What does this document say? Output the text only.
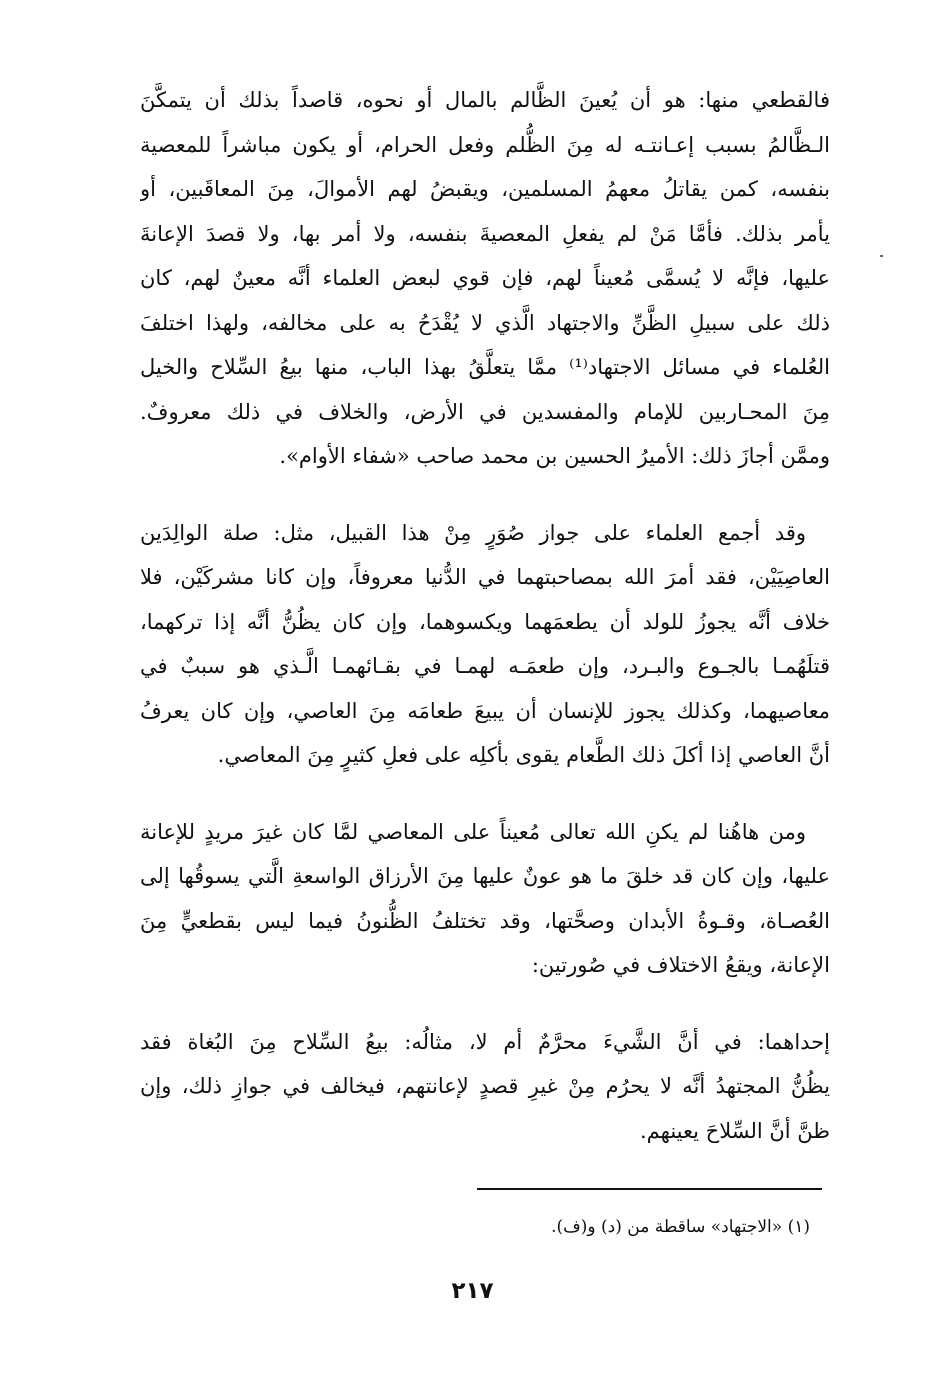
فالقطعي منها: هو أن يُعينَ الظَّالم بالمال أو نحوه، قاصداً بذلك أن يتمكَّنَ
الـظَّالمُ بسبب إعـانتـه له مِنَ الظُّلم وفعل الحرام، أو يكون مباشراً للمعصية
بنفسه، كمن يقاتلُ معهمُ المسلمين، ويقبضُ لهم الأموالَ، مِنَ المعاقَبين، أو
يأمر بذلك. فأمَّا مَنْ لم يفعلِ المعصيةَ بنفسه، ولا أمر بها، ولا قصدَ الإعانةَ
عليها، فإنَّه لا يُسمَّى مُعيناً لهم، فإن قوي لبعض العلماء أنَّه معينٌ لهم، كان
ذلك على سبيلِ الظَّنِّ والاجتهاد الَّذي لا يُقْدَحُ به على مخالفه، ولهذا اختلفَ
العُلماء في مسائل الاجتهاد⁽¹⁾ ممَّا يتعلَّقُ بهذا الباب، منها بيعُ السِّلاح والخيل
مِنَ المحـاربين للإمام والمفسدين في الأرض، والخلاف في ذلك معروفٌ.
وممَّن أجازَ ذلك: الأميرُ الحسين بن محمد صاحب «شفاء الأوام».
وقد أجمع العلماء على جواز صُوَرٍ مِنْ هذا القبيل، مثل: صلة الوالِدَين
العاصِيَيْن، فقد أمرَ الله بمصاحبتهما في الدُّنيا معروفاً، وإن كانا مشركَيْن، فلا
خلاف أنَّه يجوزُ للولد أن يطعمَهما ويكسوهما، وإن كان يظُنُّ أنَّه إذا تركهما،
قتلَهُمـا بالجـوع والبـرد، وإن طعمَـه لهمـا في بقـائهمـا الَّـذي هو سببٌ في
معاصيهما، وكذلك يجوز للإنسان أن يبيعَ طعامَه مِنَ العاصي، وإن كان يعرفُ
أنَّ العاصي إذا أكلَ ذلك الطَّعام يقوى بأكلِه على فعلِ كثيرٍ مِنَ المعاصي.
ومن هاهُنا لم يكنِ الله تعالى مُعيناً على المعاصي لمَّا كان غيرَ مريدٍ للإعانة
عليها، وإن كان قد خلقَ ما هو عونٌ عليها مِنَ الأرزاق الواسعةِ الَّتي يسوقُها إلى
العُصـاة، وقـوةُ الأبدان وصحَّتها، وقد تختلفُ الظُّنونُ فيما ليس بقطعيٍّ مِنَ
الإعانة، ويقعُ الاختلاف في صُورتين:
إحداهما: في أنَّ الشَّيءَ محرَّمٌ أم لا، مثالُه: بيعُ السِّلاح مِنَ البُغاة فقد
يظُنُّ المجتهدُ أنَّه لا يحرُم مِنْ غيرِ قصدٍ لإعانتهم، فيخالف في جوازِ ذلك، وإن
ظنَّ أنَّ السِّلاحَ يعينهم.
(١) «الاجتهاد» ساقطة من (د) و(ف).
٢١٧
